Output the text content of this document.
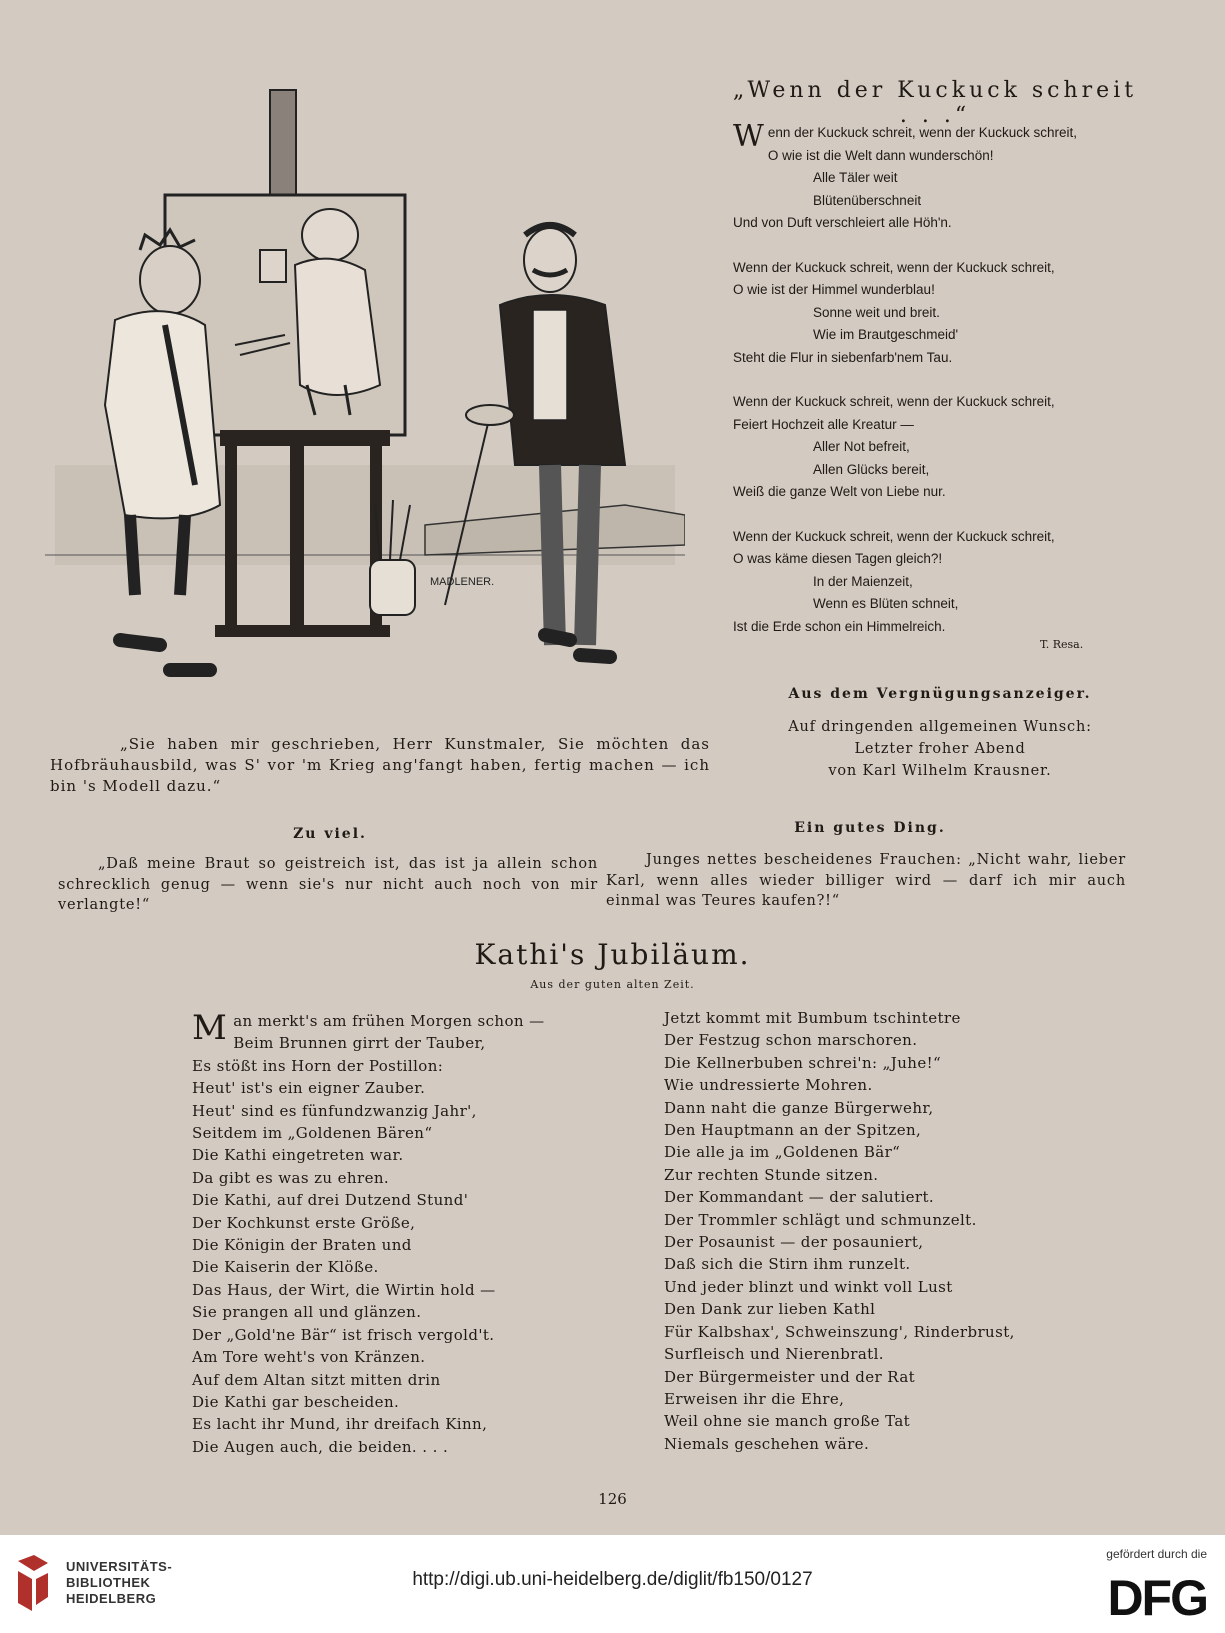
MADLENER.
„Wenn der Kuckuck schreit . . .“
W enn der Kuckuck schreit, wenn der Kuckuck schreit,
O wie ist die Welt dann wunderschön!
Alle Täler weit
Blütenüberschneit
Und von Duft verschleiert alle Höh'n.
Wenn der Kuckuck schreit, wenn der Kuckuck schreit,
O wie ist der Himmel wunderblau!
Sonne weit und breit.
Wie im Brautgeschmeid'
Steht die Flur in siebenfarb'nem Tau.
Wenn der Kuckuck schreit, wenn der Kuckuck schreit,
Feiert Hochzeit alle Kreatur —
Aller Not befreit,
Allen Glücks bereit,
Weiß die ganze Welt von Liebe nur.
Wenn der Kuckuck schreit, wenn der Kuckuck schreit,
O was käme diesen Tagen gleich?!
In der Maienzeit,
Wenn es Blüten schneit,
Ist die Erde schon ein Himmelreich.
T. Resa.
„Sie haben mir geschrieben, Herr Kunstmaler, Sie möchten das Hofbräuhausbild, was S' vor 'm Krieg ang'fangt haben, fertig machen — ich bin 's Modell dazu.“
Aus dem Vergnügungsanzeiger.
Auf dringenden allgemeinen Wunsch:
Letzter froher Abend
von Karl Wilhelm Krausner.
Zu viel.
„Daß meine Braut so geistreich ist, das ist ja allein schon schrecklich genug — wenn sie's nur nicht auch noch von mir verlangte!“
Ein gutes Ding.
Junges nettes bescheidenes Frauchen: „Nicht wahr, lieber Karl, wenn alles wieder billiger wird — darf ich mir auch einmal was Teures kaufen?!“
Kathi's Jubiläum.
Aus der guten alten Zeit.
M an merkt's am frühen Morgen schon —
Beim Brunnen girrt der Tauber,
Es stößt ins Horn der Postillon:
Heut' ist's ein eigner Zauber.
Heut' sind es fünfundzwanzig Jahr',
Seitdem im „Goldenen Bären“
Die Kathi eingetreten war.
Da gibt es was zu ehren.
Die Kathi, auf drei Dutzend Stund'
Der Kochkunst erste Größe,
Die Königin der Braten und
Die Kaiserin der Klöße.
Das Haus, der Wirt, die Wirtin hold —
Sie prangen all und glänzen.
Der „Gold'ne Bär“ ist frisch vergold't.
Am Tore weht's von Kränzen.
Auf dem Altan sitzt mitten drin
Die Kathi gar bescheiden.
Es lacht ihr Mund, ihr dreifach Kinn,
Die Augen auch, die beiden. . . .
Jetzt kommt mit Bumbum tschintetre
Der Festzug schon marschoren.
Die Kellnerbuben schrei'n: „Juhe!“
Wie undressierte Mohren.
Dann naht die ganze Bürgerwehr,
Den Hauptmann an der Spitzen,
Die alle ja im „Goldenen Bär“
Zur rechten Stunde sitzen.
Der Kommandant — der salutiert.
Der Trommler schlägt und schmunzelt.
Der Posaunist — der posauniert,
Daß sich die Stirn ihm runzelt.
Und jeder blinzt und winkt voll Lust
Den Dank zur lieben Kathl
Für Kalbshax', Schweinszung', Rinderbrust,
Surfleisch und Nierenbratl.
Der Bürgermeister und der Rat
Erweisen ihr die Ehre,
Weil ohne sie manch große Tat
Niemals geschehen wäre.
126
UNIVERSITÄTS-
BIBLIOTHEK
HEIDELBERG
http://digi.ub.uni-heidelberg.de/diglit/fb150/0127
gefördert durch die
DFG
